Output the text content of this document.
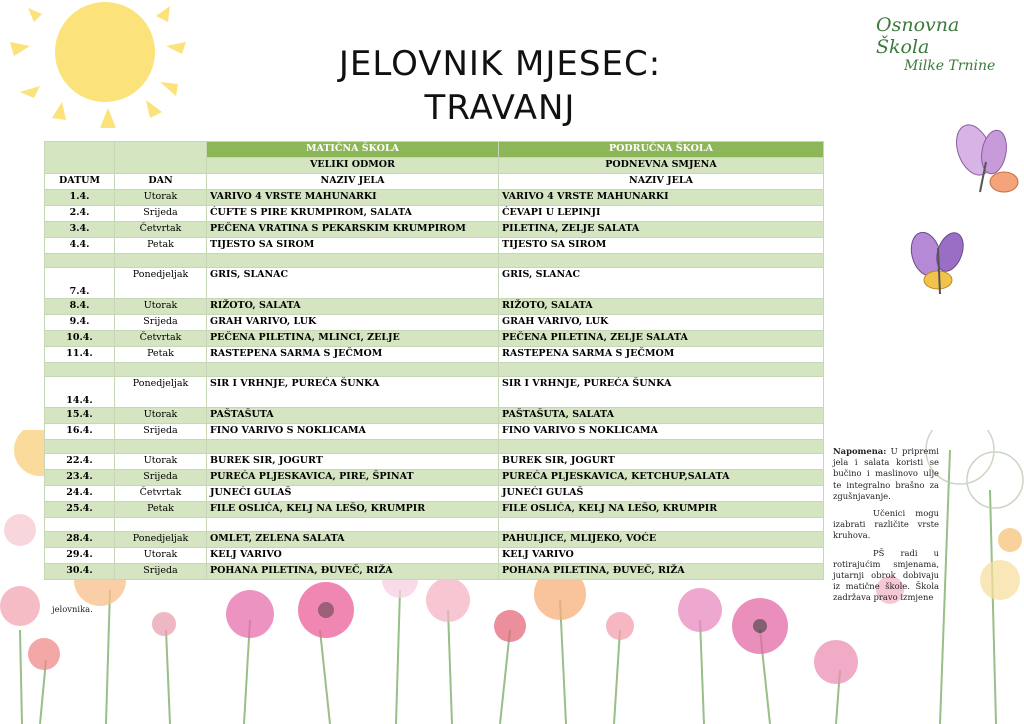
JELOVNIK MJESEC:
TRAVANJ
Osnovna Škola
Milke Trnine
		MATIČNA ŠKOLA	PODRUČNA ŠKOLA
		VELIKI ODMOR	PODNEVNA SMJENA
DATUM	DAN	NAZIV JELA	NAZIV JELA
1.4.	Utorak	VARIVO 4 VRSTE MAHUNARKI	VARIVO 4 VRSTE MAHUNARKI
2.4.	Srijeda	ĆUFTE S PIRE KRUMPIROM, SALATA	ĆEVAPI U LEPINJI
3.4.	Četvrtak	PEČENA VRATINA S PEKARSKIM KRUMPIROM	PILETINA, ZELJE SALATA
4.4.	Petak	TIJESTO SA SIROM	TIJESTO SA SIROM

7.4.	Ponedjeljak	GRIS, SLANAC	GRIS, SLANAC
8.4.	Utorak	RIŽOTO, SALATA	RIŽOTO, SALATA
9.4.	Srijeda	GRAH VARIVO, LUK	GRAH VARIVO, LUK
10.4.	Četvrtak	PEČENA PILETINA, MLINCI, ZELJE	PEČENA PILETINA, ZELJE SALATA
11.4.	Petak	RASTEPENA SARMA S JEČMOM	RASTEPENA SARMA S JEČMOM

14.4.	Ponedjeljak	SIR I VRHNJE, PUREĆA ŠUNKA	SIR I VRHNJE, PUREĆA ŠUNKA
15.4.	Utorak	PAŠTAŠUTA	PAŠTAŠUTA, SALATA
16.4.	Srijeda	FINO VARIVO S NOKLICAMA	FINO VARIVO S NOKLICAMA

22.4.	Utorak	BUREK SIR, JOGURT	BUREK SIR, JOGURT
23.4.	Srijeda	PUREĆA PLJESKAVICA, PIRE, ŠPINAT	PUREĆA PLJESKAVICA, KETCHUP,SALATA
24.4.	Četvrtak	JUNEĆI GULAŠ	JUNEĆI GULAŠ
25.4.	Petak	FILE OSLIĆA, KELJ NA LEŠO, KRUMPIR	FILE OSLIĆA, KELJ NA LEŠO, KRUMPIR

28.4.	Ponedjeljak	OMLET, ZELENA SALATA	PAHULJICE, MLIJEKO, VOĆE
29.4.	Utorak	KELJ VARIVO	KELJ VARIVO
30.4.	Srijeda	POHANA PILETINA, ĐUVEČ, RIŽA	POHANA PILETINA, ĐUVEČ, RIŽA
Napomena: U pripremi jela i salata koristi se bučino i maslinovo ulje te integralno brašno za zgušnjavanje.
Učenici mogu izabrati različite vrste kruhova.
PŠ radi u rotirajućim smjenama, jutarnji obrok dobivaju iz matične škole. Škola zadržava pravo izmjene
jelovnika.
